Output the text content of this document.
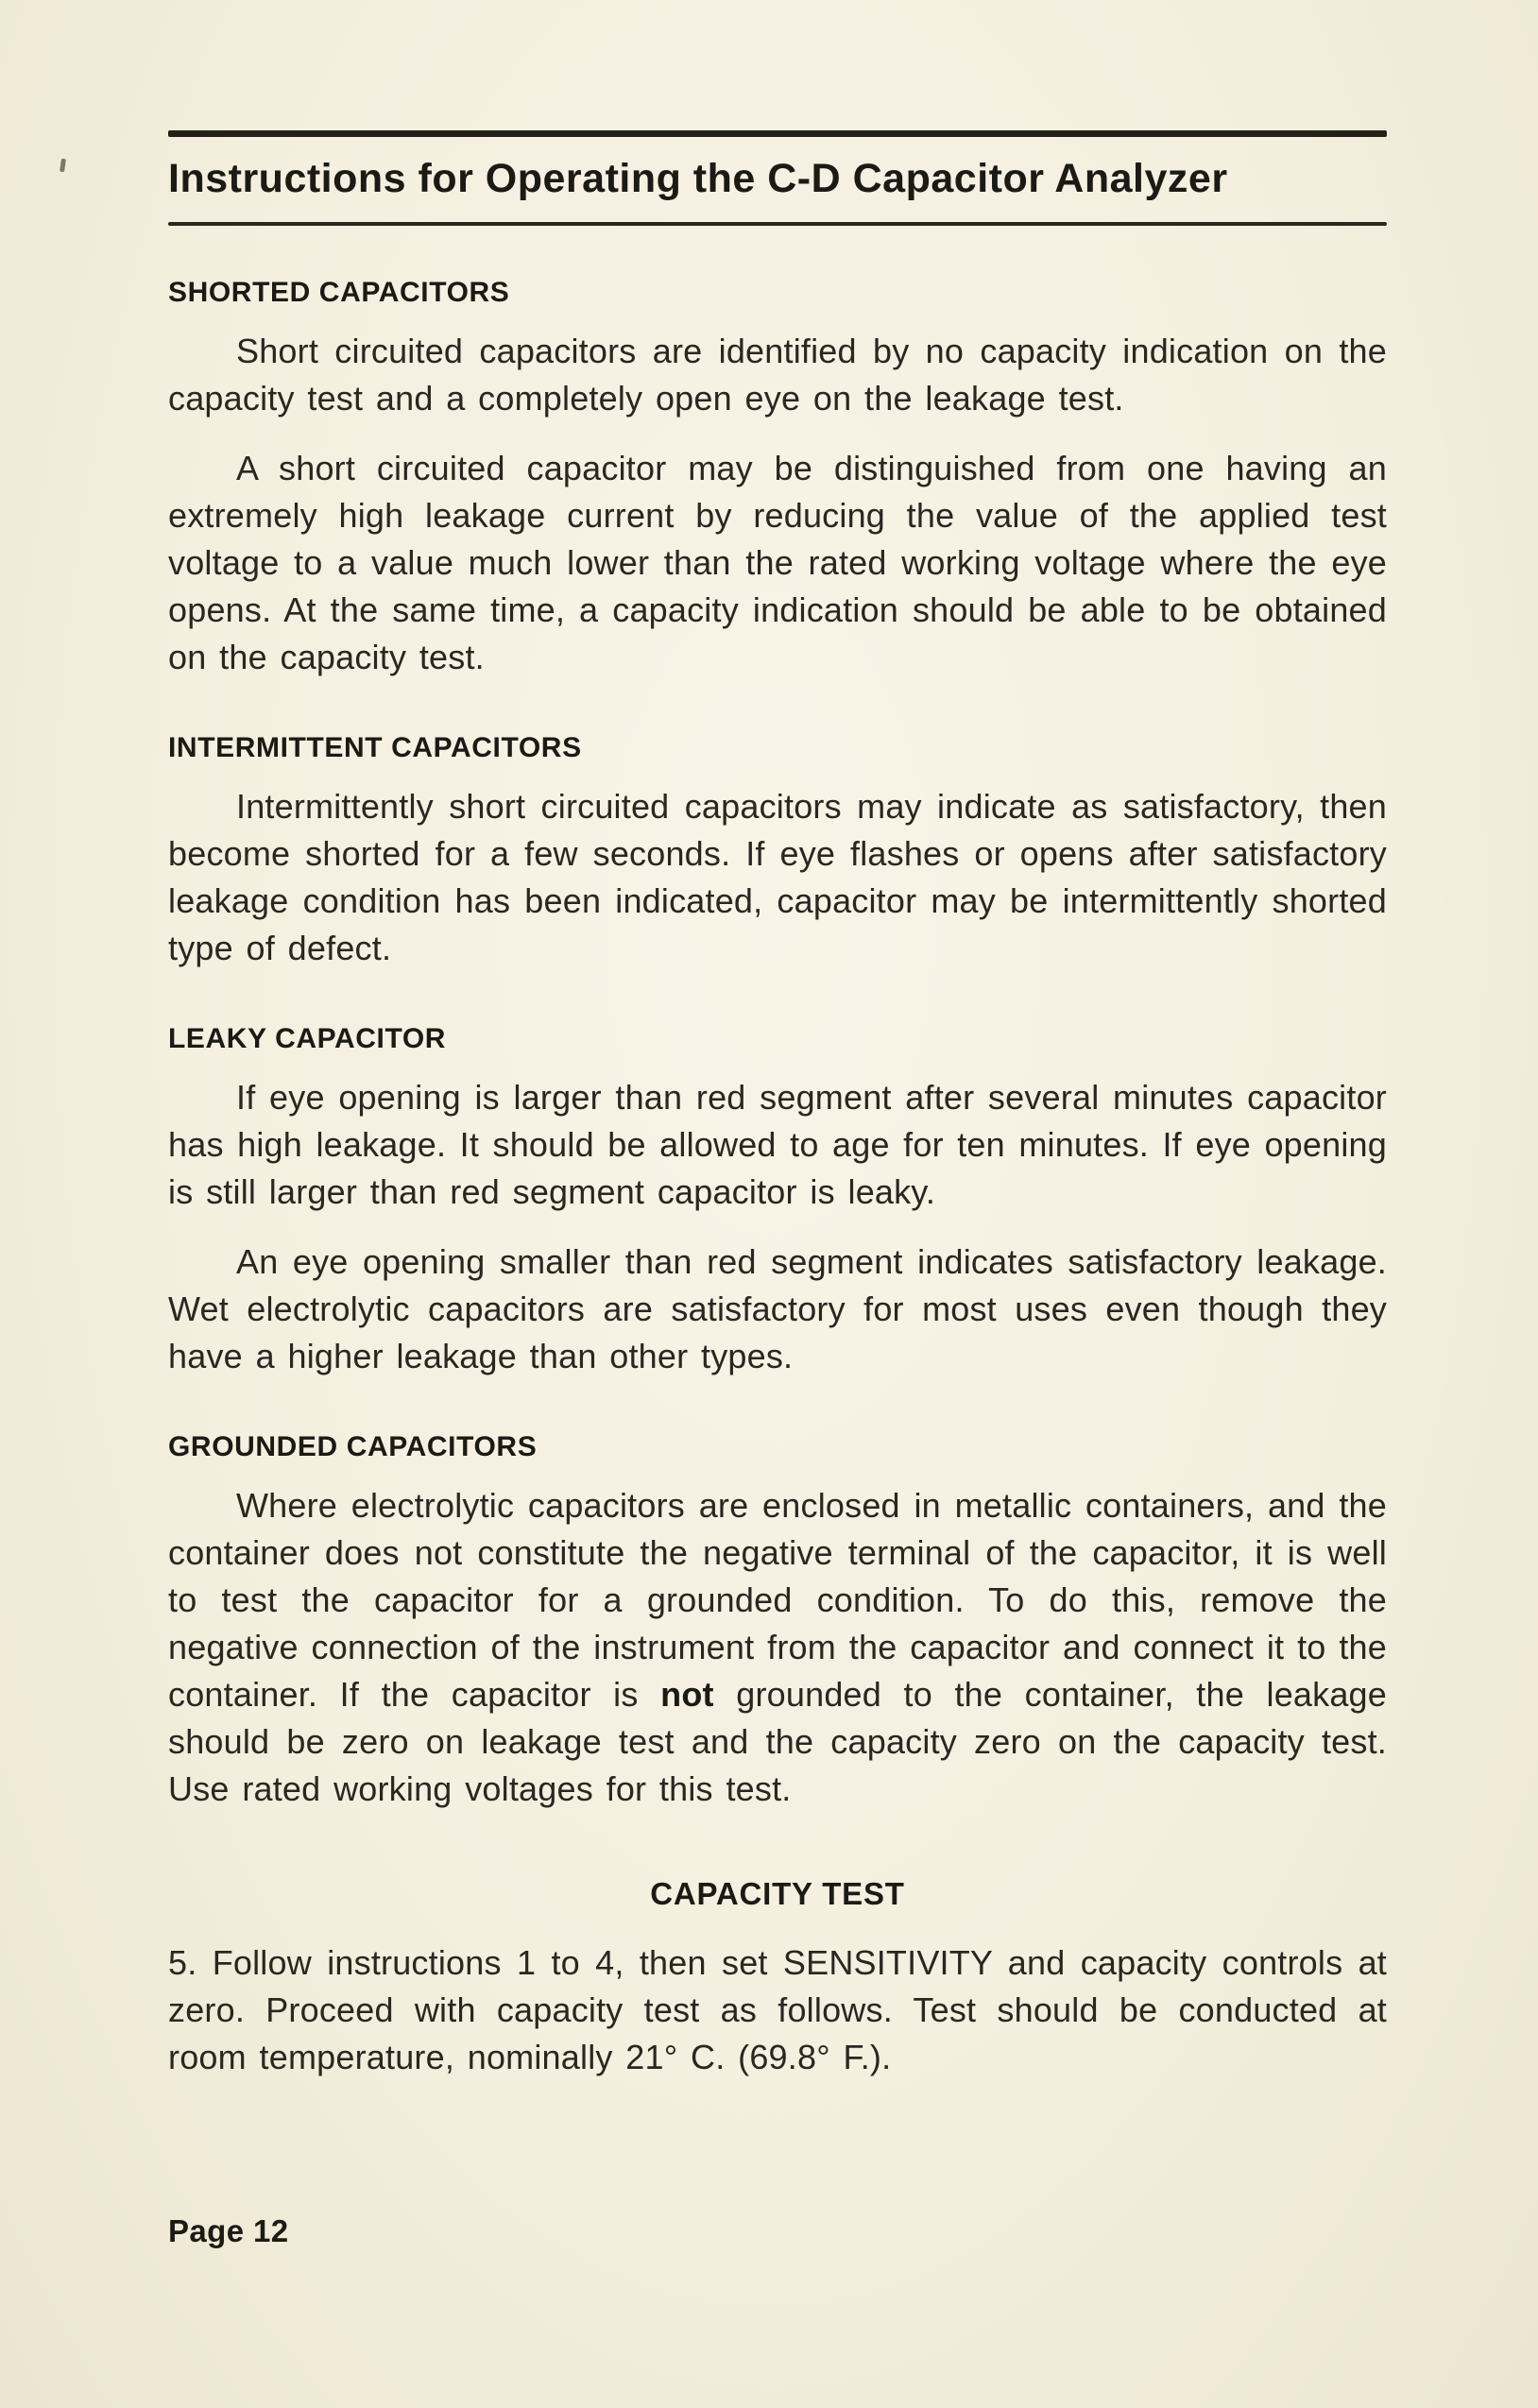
Instructions for Operating the C-D Capacitor Analyzer
SHORTED CAPACITORS

Short circuited capacitors are identified by no capacity indication on the capacity test and a completely open eye on the leakage test.

A short circuited capacitor may be distinguished from one having an extremely high leakage current by reducing the value of the applied test voltage to a value much lower than the rated working voltage where the eye opens. At the same time, a capacity indication should be able to be obtained on the capacity test.

INTERMITTENT CAPACITORS

Intermittently short circuited capacitors may indicate as satisfactory, then become shorted for a few seconds. If eye flashes or opens after satisfactory leakage condition has been indicated, capacitor may be intermittently shorted type of defect.

LEAKY CAPACITOR

If eye opening is larger than red segment after several minutes capacitor has high leakage. It should be allowed to age for ten minutes. If eye opening is still larger than red segment capacitor is leaky.

An eye opening smaller than red segment indicates satisfactory leakage. Wet electrolytic capacitors are satisfactory for most uses even though they have a higher leakage than other types.

GROUNDED CAPACITORS

Where electrolytic capacitors are enclosed in metallic containers, and the container does not constitute the negative terminal of the capacitor, it is well to test the capacitor for a grounded condition. To do this, remove the negative connection of the instrument from the capacitor and connect it to the container. If the capacitor is not grounded to the container, the leakage should be zero on leakage test and the capacity zero on the capacity test. Use rated working voltages for this test.

CAPACITY TEST

5. Follow instructions 1 to 4, then set SENSITIVITY and capacity controls at zero. Proceed with capacity test as follows. Test should be conducted at room temperature, nominally 21° C. (69.8° F.).

Page 12
